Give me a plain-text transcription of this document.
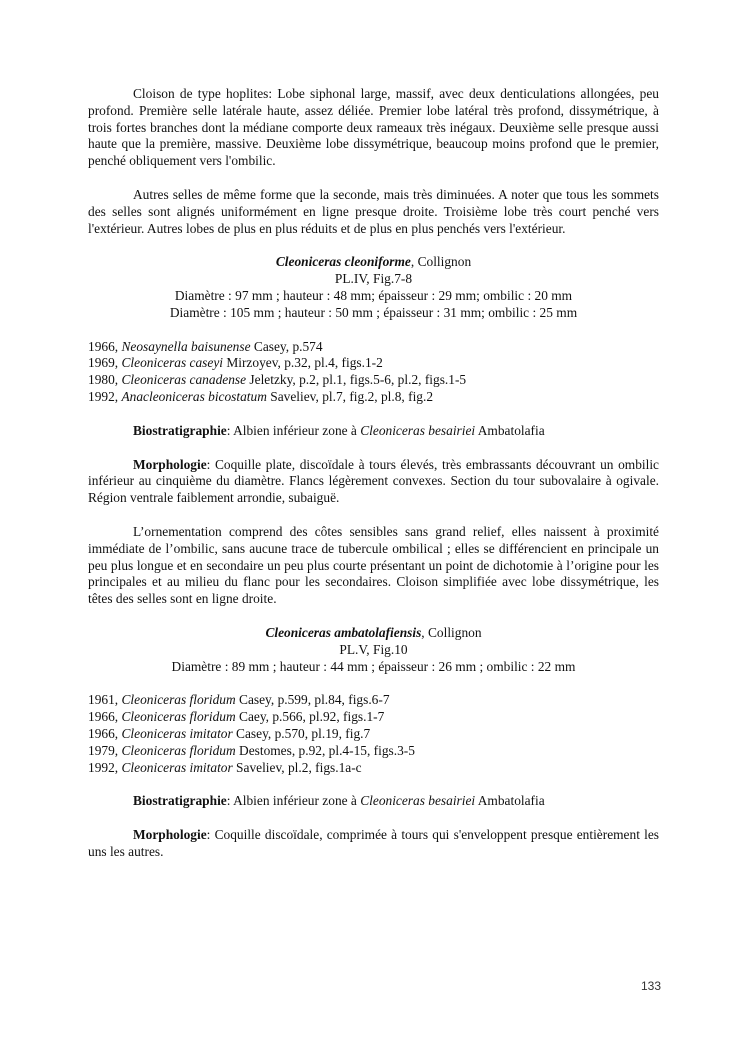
Cloison de type hoplites: Lobe siphonal large, massif, avec deux denticulations allongées, peu profond. Première selle latérale haute, assez déliée. Premier lobe latéral très profond, dissymétrique, à trois fortes branches dont la médiane comporte deux rameaux très inégaux. Deuxième selle presque aussi haute que la première, massive. Deuxième lobe dissymétrique, beaucoup moins profond que le premier, penché obliquement vers l'ombilic.

Autres selles de même forme que la seconde, mais très diminuées. A noter que tous les sommets des selles sont alignés uniformément en ligne presque droite. Troisième lobe très court penché vers l'extérieur. Autres lobes de plus en plus réduits et de plus en plus penchés vers l'extérieur.

Cleoniceras cleoniforme, Collignon

PL.IV, Fig.7-8

Diamètre : 97 mm ; hauteur : 48 mm; épaisseur : 29 mm; ombilic : 20 mm

Diamètre : 105 mm ; hauteur : 50 mm ; épaisseur : 31 mm; ombilic : 25 mm

1966, Neosaynella baisunense Casey, p.574

1969, Cleoniceras caseyi Mirzoyev, p.32, pl.4, figs.1-2

1980, Cleoniceras canadense Jeletzky, p.2, pl.1, figs.5-6, pl.2, figs.1-5

1992, Anacleoniceras bicostatum Saveliev, pl.7, fig.2, pl.8, fig.2

Biostratigraphie: Albien inférieur zone à Cleoniceras besairiei Ambatolafia

Morphologie: Coquille plate, discoïdale à tours élevés, très embrassants découvrant un ombilic inférieur au cinquième du diamètre. Flancs légèrement convexes. Section du tour subovalaire à ogivale. Région ventrale faiblement arrondie, subaiguë.

L’ornementation comprend des côtes sensibles sans grand relief, elles naissent à proximité immédiate de l’ombilic, sans aucune trace de tubercule ombilical ; elles se différencient en principale un peu plus longue et en secondaire un peu plus courte présentant un point de dichotomie à l’origine pour les principales et au milieu du flanc pour les secondaires. Cloison simplifiée avec lobe dissymétrique, les têtes des selles sont en ligne droite.

Cleoniceras ambatolafiensis, Collignon

PL.V, Fig.10

Diamètre : 89 mm ; hauteur : 44 mm ; épaisseur : 26 mm ; ombilic : 22 mm

1961, Cleoniceras floridum Casey, p.599, pl.84, figs.6-7

1966, Cleoniceras floridum Caey, p.566, pl.92, figs.1-7

1966, Cleoniceras imitator Casey, p.570, pl.19, fig.7

1979, Cleoniceras floridum Destomes, p.92, pl.4-15, figs.3-5

1992, Cleoniceras imitator Saveliev, pl.2, figs.1a-c

Biostratigraphie: Albien inférieur zone à Cleoniceras besairiei Ambatolafia

Morphologie: Coquille discoïdale, comprimée à tours qui s'enveloppent presque entièrement les uns les autres.

133
